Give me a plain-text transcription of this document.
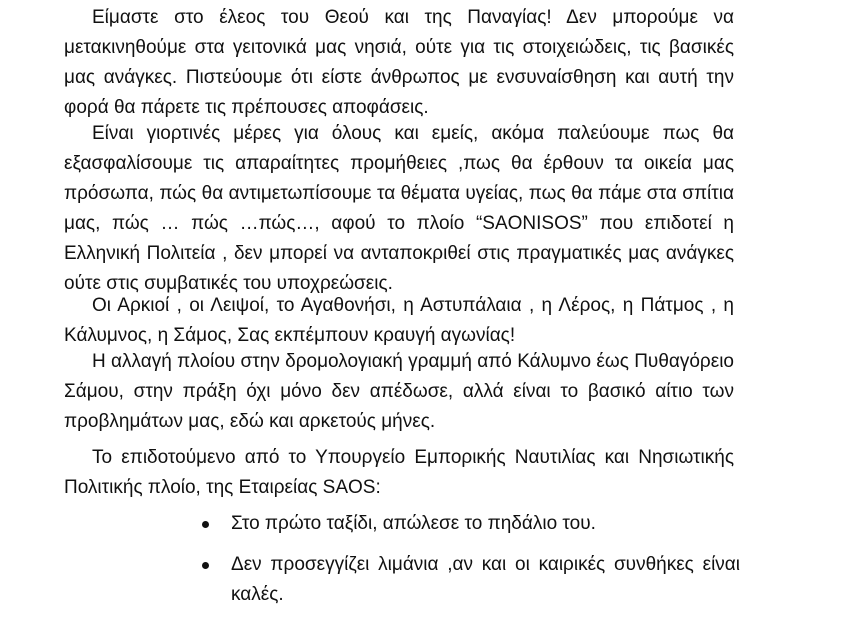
Είμαστε στο έλεος του Θεού και της Παναγίας! Δεν μπορούμε να μετακινηθούμε στα γειτονικά μας νησιά, ούτε για τις στοιχειώδεις, τις βασικές μας ανάγκες. Πιστεύουμε ότι είστε άνθρωπος με ενσυναίσθηση και αυτή την φορά θα πάρετε τις πρέπουσες αποφάσεις.

Είναι γιορτινές μέρες για όλους και εμείς, ακόμα παλεύουμε πως θα εξασφαλίσουμε τις απαραίτητες προμήθειες ,πως θα έρθουν τα οικεία μας πρόσωπα, πώς θα αντιμετωπίσουμε τα θέματα υγείας, πως θα πάμε στα σπίτια μας, πώς … πώς …πώς…, αφού το πλοίο “SAONISOS” που επιδοτεί η Ελληνική Πολιτεία , δεν μπορεί να ανταποκριθεί στις πραγματικές μας ανάγκες ούτε στις συμβατικές του υποχρεώσεις.

Οι Αρκιοί , οι Λειψοί, το Αγαθονήσι, η Αστυπάλαια , η Λέρος, η Πάτμος , η Κάλυμνος, η Σάμος, Σας εκπέμπουν κραυγή αγωνίας!

Η αλλαγή πλοίου στην δρομολογιακή γραμμή από Κάλυμνο έως Πυθαγόρειο Σάμου, στην πράξη όχι μόνο δεν απέδωσε, αλλά είναι το βασικό αίτιο των προβλημάτων μας, εδώ και αρκετούς μήνες.

Το επιδοτούμενο από το Υπουργείο Εμπορικής Ναυτιλίας και Νησιωτικής Πολιτικής πλοίο, της Εταιρείας SAOS:

Στο πρώτο ταξίδι, απώλεσε το πηδάλιο του.
Δεν προσεγγίζει λιμάνια ,αν και οι καιρικές συνθήκες είναι καλές.
